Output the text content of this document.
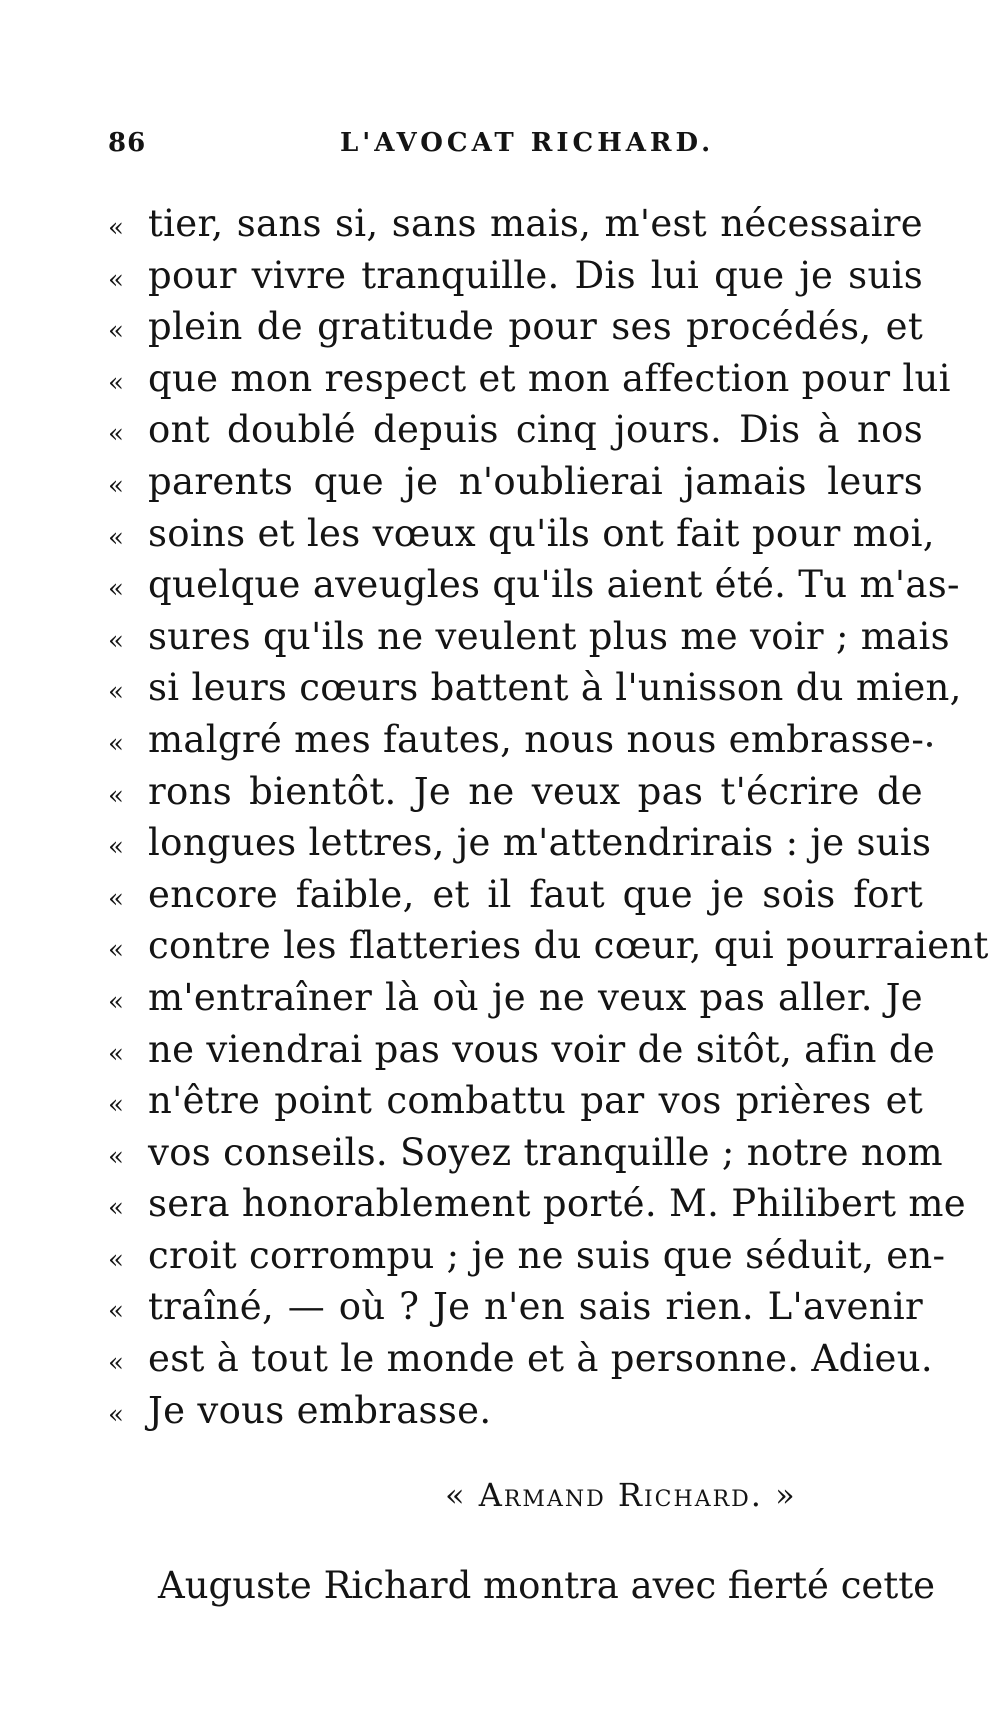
86	L'AVOCAT RICHARD.
« tier, sans si, sans mais, m'est nécessaire
« pour vivre tranquille. Dis lui que je suis
« plein de gratitude pour ses procédés, et
« que mon respect et mon affection pour lui
« ont doublé depuis cinq jours. Dis à nos
« parents que je n'oublierai jamais leurs
« soins et les vœux qu'ils ont fait pour moi,
« quelque aveugles qu'ils aient été. Tu m'as-
« sures qu'ils ne veulent plus me voir ; mais
« si leurs cœurs battent à l'unisson du mien,
« malgré mes fautes, nous nous embrasse-
« rons bientôt. Je ne veux pas t'écrire de
« longues lettres, je m'attendrirais : je suis
« encore faible, et il faut que je sois fort
« contre les flatteries du cœur, qui pourraient
« m'entraîner là où je ne veux pas aller. Je
« ne viendrai pas vous voir de sitôt, afin de
« n'être point combattu par vos prières et
« vos conseils. Soyez tranquille ; notre nom
« sera honorablement porté. M. Philibert me
« croit corrompu ; je ne suis que séduit, en-
« traîné, — où ? Je n'en sais rien. L'avenir
« est à tout le monde et à personne. Adieu.
« Je vous embrasse.
« Armand Richard. »
Auguste Richard montra avec fierté cette
